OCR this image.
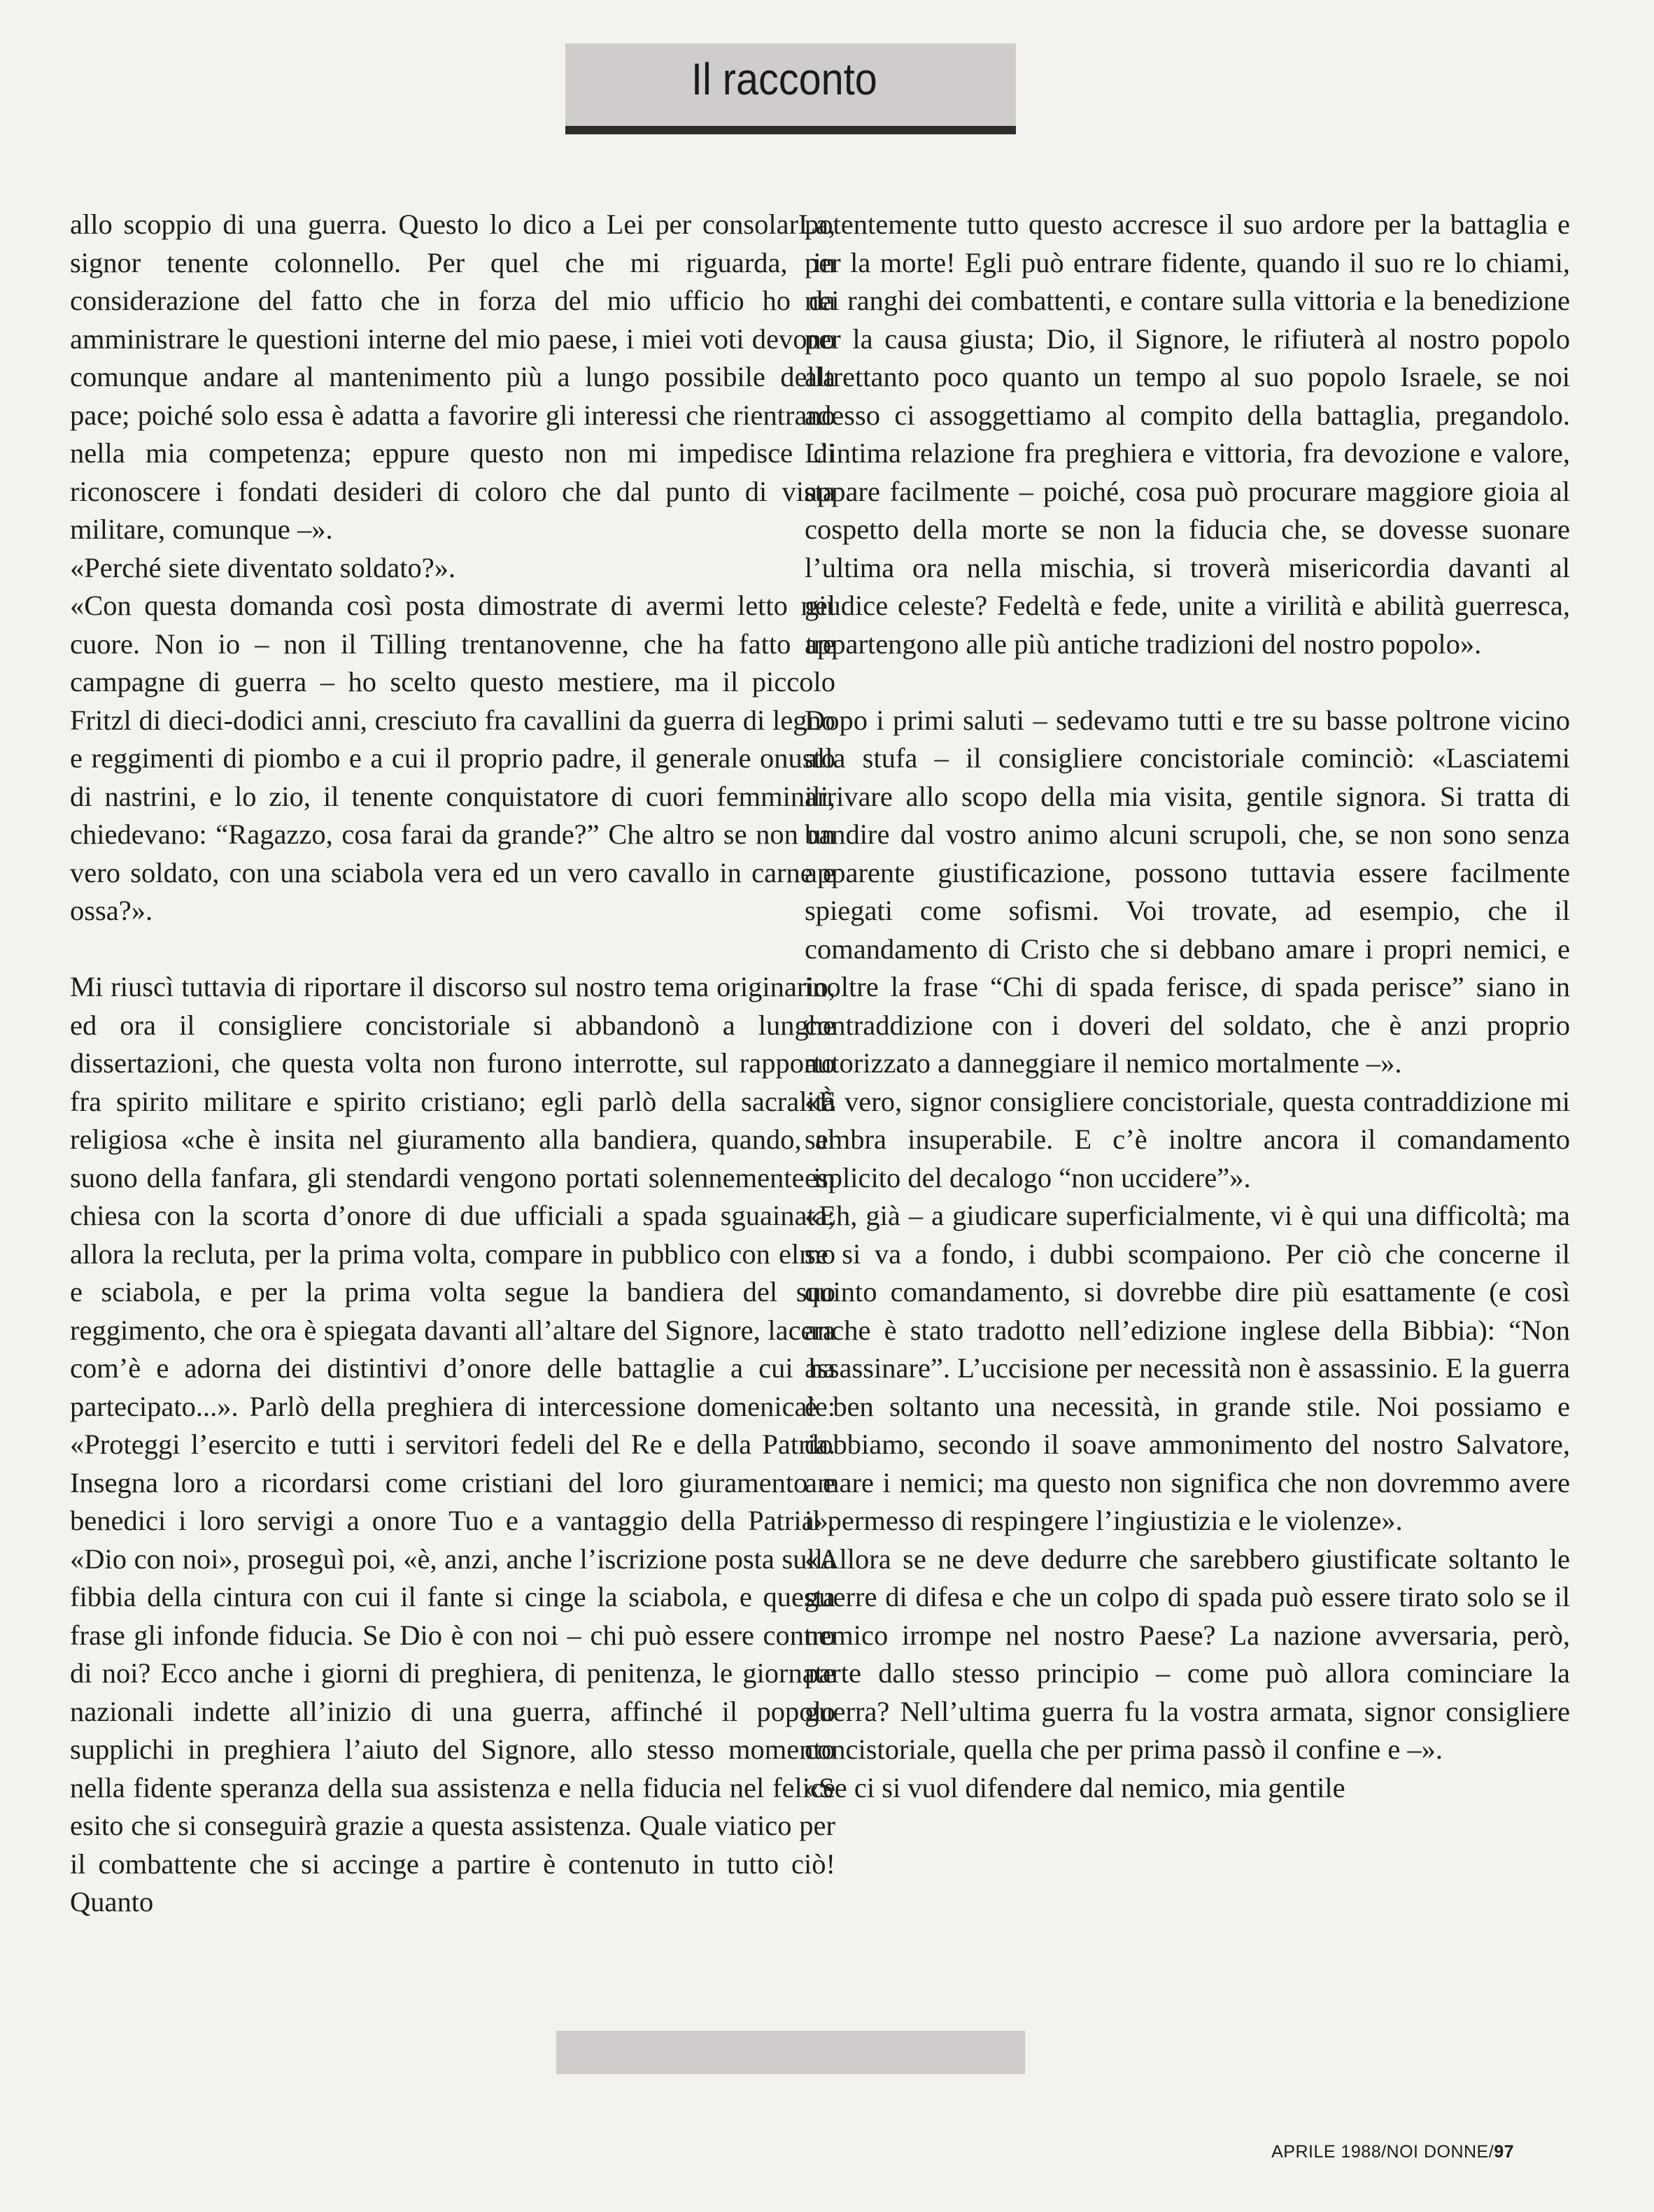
Il racconto

allo scoppio di una guerra. Questo lo dico a Lei per consolarLa, signor tenente colonnello. Per quel che mi riguarda, in considerazione del fatto che in forza del mio ufficio ho da amministrare le questioni interne del mio paese, i miei voti devono comunque andare al mantenimento più a lungo possibile della pace; poiché solo essa è adatta a favorire gli interessi che rientrano nella mia competenza; eppure questo non mi impedisce di riconoscere i fondati desideri di coloro che dal punto di vista militare, comunque –».

«Perché siete diventato soldato?».

«Con questa domanda così posta dimostrate di avermi letto nel cuore. Non io – non il Tilling trentanovenne, che ha fatto tre campagne di guerra – ho scelto questo mestiere, ma il piccolo Fritzl di dieci-dodici anni, cresciuto fra cavallini da guerra di legno e reggimenti di piombo e a cui il proprio padre, il generale onusto di nastrini, e lo zio, il tenente conquistatore di cuori femminili, chiedevano: “Ragazzo, cosa farai da grande?” Che altro se non un vero soldato, con una sciabola vera ed un vero cavallo in carne e ossa?».

Mi riuscì tuttavia di riportare il discorso sul nostro tema originario, ed ora il consigliere concistoriale si abbandonò a lunghe dissertazioni, che questa volta non furono interrotte, sul rapporto fra spirito militare e spirito cristiano; egli parlò della sacralità religiosa «che è insita nel giuramento alla bandiera, quando, al suono della fanfara, gli stendardi vengono portati solennemente in chiesa con la scorta d’onore di due ufficiali a spada sguainata; allora la recluta, per la prima volta, compare in pubblico con elmo e sciabola, e per la prima volta segue la bandiera del suo reggimento, che ora è spiegata davanti all’altare del Signore, lacera com’è e adorna dei distintivi d’onore delle battaglie a cui ha partecipato...». Parlò della preghiera di intercessione domenicale: «Proteggi l’esercito e tutti i servitori fedeli del Re e della Patria. Insegna loro a ricordarsi come cristiani del loro giuramento e benedici i loro servigi a onore Tuo e a vantaggio della Patria». «Dio con noi», proseguì poi, «è, anzi, anche l’iscrizione posta sulla fibbia della cintura con cui il fante si cinge la sciabola, e questa frase gli infonde fiducia. Se Dio è con noi – chi può essere contro di noi? Ecco anche i giorni di preghiera, di penitenza, le giornate nazionali indette all’inizio di una guerra, affinché il popolo supplichi in preghiera l’aiuto del Signore, allo stesso momento nella fidente speranza della sua assistenza e nella fiducia nel felice esito che si conseguirà grazie a questa assistenza. Quale viatico per il combattente che si accinge a partire è contenuto in tutto ciò! Quanto

potentemente tutto questo accresce il suo ardore per la battaglia e per la morte! Egli può entrare fidente, quando il suo re lo chiami, nei ranghi dei combattenti, e contare sulla vittoria e la benedizione per la causa giusta; Dio, il Signore, le rifiuterà al nostro popolo altrettanto poco quanto un tempo al suo popolo Israele, se noi adesso ci assoggettiamo al compito della battaglia, pregandolo. L’intima relazione fra preghiera e vittoria, fra devozione e valore, appare facilmente – poiché, cosa può procurare maggiore gioia al cospetto della morte se non la fiducia che, se dovesse suonare l’ultima ora nella mischia, si troverà misericordia davanti al giudice celeste? Fedeltà e fede, unite a virilità e abilità guerresca, appartengono alle più antiche tradizioni del nostro popolo».

Dopo i primi saluti – sedevamo tutti e tre su basse poltrone vicino alla stufa – il consigliere concistoriale cominciò: «Lasciatemi arrivare allo scopo della mia visita, gentile signora. Si tratta di bandire dal vostro animo alcuni scrupoli, che, se non sono senza apparente giustificazione, possono tuttavia essere facilmente spiegati come sofismi. Voi trovate, ad esempio, che il comandamento di Cristo che si debbano amare i propri nemici, e inoltre la frase “Chi di spada ferisce, di spada perisce” siano in contraddizione con i doveri del soldato, che è anzi proprio autorizzato a danneggiare il nemico mortalmente –».

«È vero, signor consigliere concistoriale, questa contraddizione mi sembra insuperabile. E c’è inoltre ancora il comandamento esplicito del decalogo “non uccidere”».

«Eh, già – a giudicare superficialmente, vi è qui una difficoltà; ma se si va a fondo, i dubbi scompaiono. Per ciò che concerne il quinto comandamento, si dovrebbe dire più esattamente (e così anche è stato tradotto nell’edizione inglese della Bibbia): “Non assassinare”. L’uccisione per necessità non è assassinio. E la guerra è ben soltanto una necessità, in grande stile. Noi possiamo e dobbiamo, secondo il soave ammonimento del nostro Salvatore, amare i nemici; ma questo non significa che non dovremmo avere il permesso di respingere l’ingiustizia e le violenze».

«Allora se ne deve dedurre che sarebbero giustificate soltanto le guerre di difesa e che un colpo di spada può essere tirato solo se il nemico irrompe nel nostro Paese? La nazione avversaria, però, parte dallo stesso principio – come può allora cominciare la guerra? Nell’ultima guerra fu la vostra armata, signor consigliere concistoriale, quella che per prima passò il confine e –».

«Se ci si vuol difendere dal nemico, mia gentile

APRILE 1988/NOI DONNE/97
